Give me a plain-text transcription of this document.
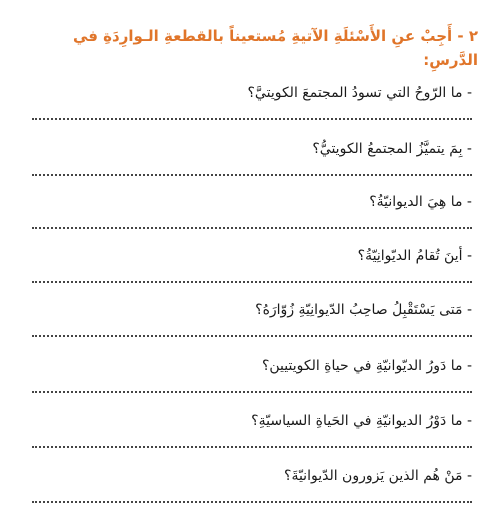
٢ - أَجِبْ عنِ الأَسْئلَةِ الآتيةِ مُستعيناً بالقطعةِ الـوارِدَةِ في
الدَّرسِ:

- ما الرّوحُ التي تسودُ المجتمعَ الكويتيَّ؟
- بِمَ يتميَّزُ المجتمعُ الكويتيُّ؟
- ما هِيَ الديوانيّةُ؟
- أينَ تُقامُ الديّوانِيّةُ؟
- مَتى يَسْتَقْبِلُ صاحِبُ الدّيوانِيّةِ زُوّارَهُ؟
- ما دَورُ الديّوانيّةِ في حياةِ الكويتيين؟
- ما دَوْرُ الديوانيّةِ في الحَياةِ السياسيّةِ؟
- مَنْ هُم الذين يَزورون الدّيوانيّةَ؟
